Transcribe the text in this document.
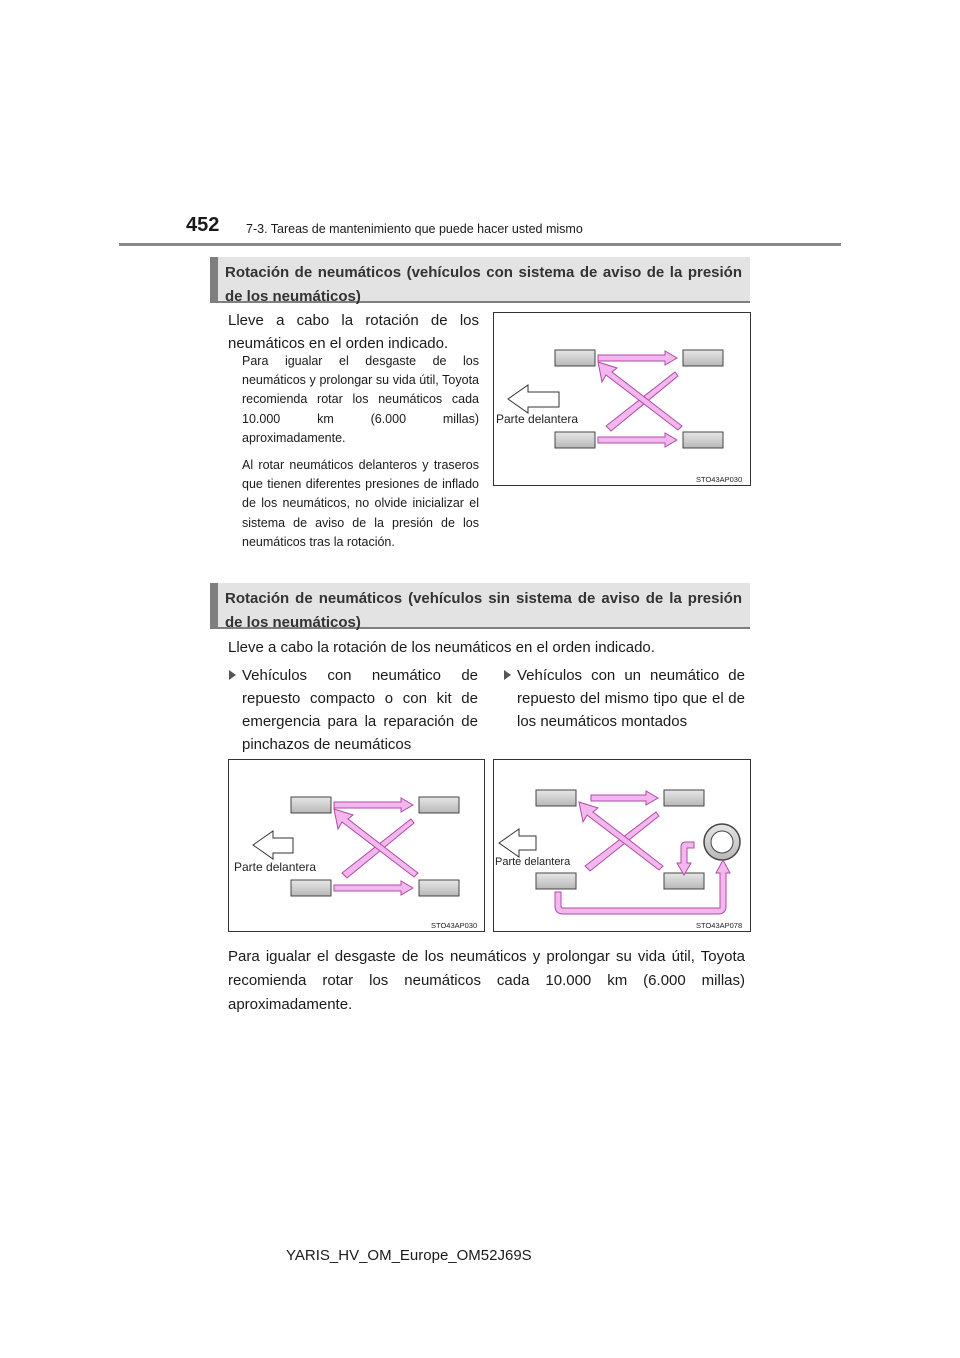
452 7-3. Tareas de mantenimiento que puede hacer usted mismo
Rotación de neumáticos (vehículos con sistema de aviso de la presión de los neumáticos)
Lleve a cabo la rotación de los neumáticos en el orden indicado.
Para igualar el desgaste de los neumáticos y prolongar su vida útil, Toyota recomienda rotar los neumáticos cada 10.000 km (6.000 millas) aproximadamente.
Al rotar neumáticos delanteros y traseros que tienen diferentes presiones de inflado de los neumáticos, no olvide inicializar el sistema de aviso de la presión de los neumáticos tras la rotación.
Parte delantera
STO43AP030
Rotación de neumáticos (vehículos sin sistema de aviso de la presión de los neumáticos)
Lleve a cabo la rotación de los neumáticos en el orden indicado.
Vehículos con neumático de repuesto compacto o con kit de emergencia para la reparación de pinchazos de neumáticos
Vehículos con un neumático de repuesto del mismo tipo que el de los neumáticos montados
Parte delantera
STO43AP030
Parte delantera
STO43AP078
Para igualar el desgaste de los neumáticos y prolongar su vida útil, Toyota recomienda rotar los neumáticos cada 10.000 km (6.000 millas) aproximadamente.
YARIS_HV_OM_Europe_OM52J69S
